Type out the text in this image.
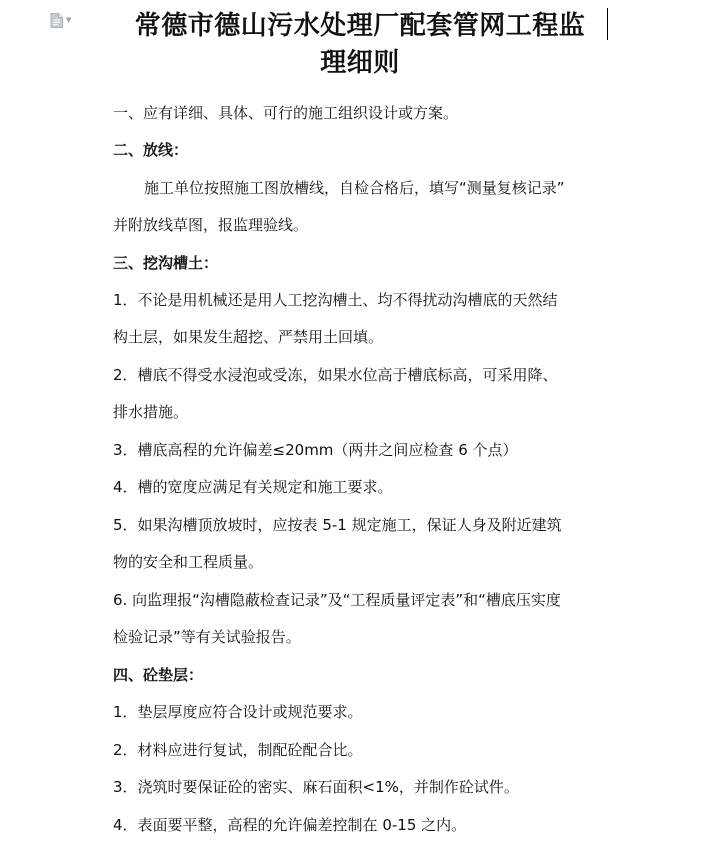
▼	常德市德山污水处理厂配套管网工程监
理细则
一、应有详细、具体、可行的施工组织设计或方案。
二、放线：
施工单位按照施工图放槽线，自检合格后，填写“测量复核记录”
并附放线草图，报监理验线。
三、挖沟槽土：
1．不论是用机械还是用人工挖沟槽土、均不得扰动沟槽底的天然结
构土层，如果发生超挖、严禁用土回填。
2．槽底不得受水浸泡或受冻，如果水位高于槽底标高，可采用降、
排水措施。
3．槽底高程的允许偏差≤20mm（两井之间应检查 6 个点）
4．槽的宽度应满足有关规定和施工要求。
5．如果沟槽顶放坡时，应按表 5-1 规定施工，保证人身及附近建筑
物的安全和工程质量。
6. 向监理报“沟槽隐蔽检查记录”及“工程质量评定表”和“槽底压实度
检验记录”等有关试验报告。
四、砼垫层：
1．垫层厚度应符合设计或规范要求。
2．材料应进行复试，制配砼配合比。
3．浇筑时要保证砼的密实、麻石面积<1%，并制作砼试件。
4．表面要平整，高程的允许偏差控制在 0-15 之内。
